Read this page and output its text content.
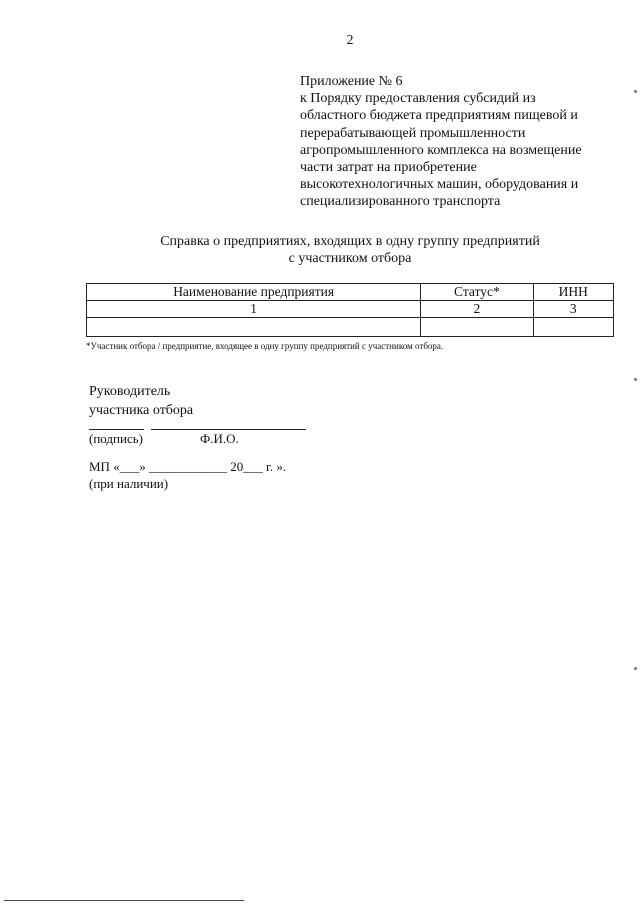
2
Приложение № 6
к Порядку предоставления субсидий из
областного бюджета предприятиям пищевой и
перерабатывающей промышленности
агропромышленного комплекса на возмещение
части затрат на приобретение
высокотехнологичных машин, оборудования и
специализированного транспорта
Справка о предприятиях, входящих в одну группу предприятий
с участником отбора
Наименование предприятия	Статус*	ИНН
1	2	3

*Участник отбора / предприятие, входящее в одну группу предприятий с участником отбора.
Руководитель
участника отбора
(подпись)	Ф.И.О.
МП «___» ____________ 20___ г. ».
(при наличии)
